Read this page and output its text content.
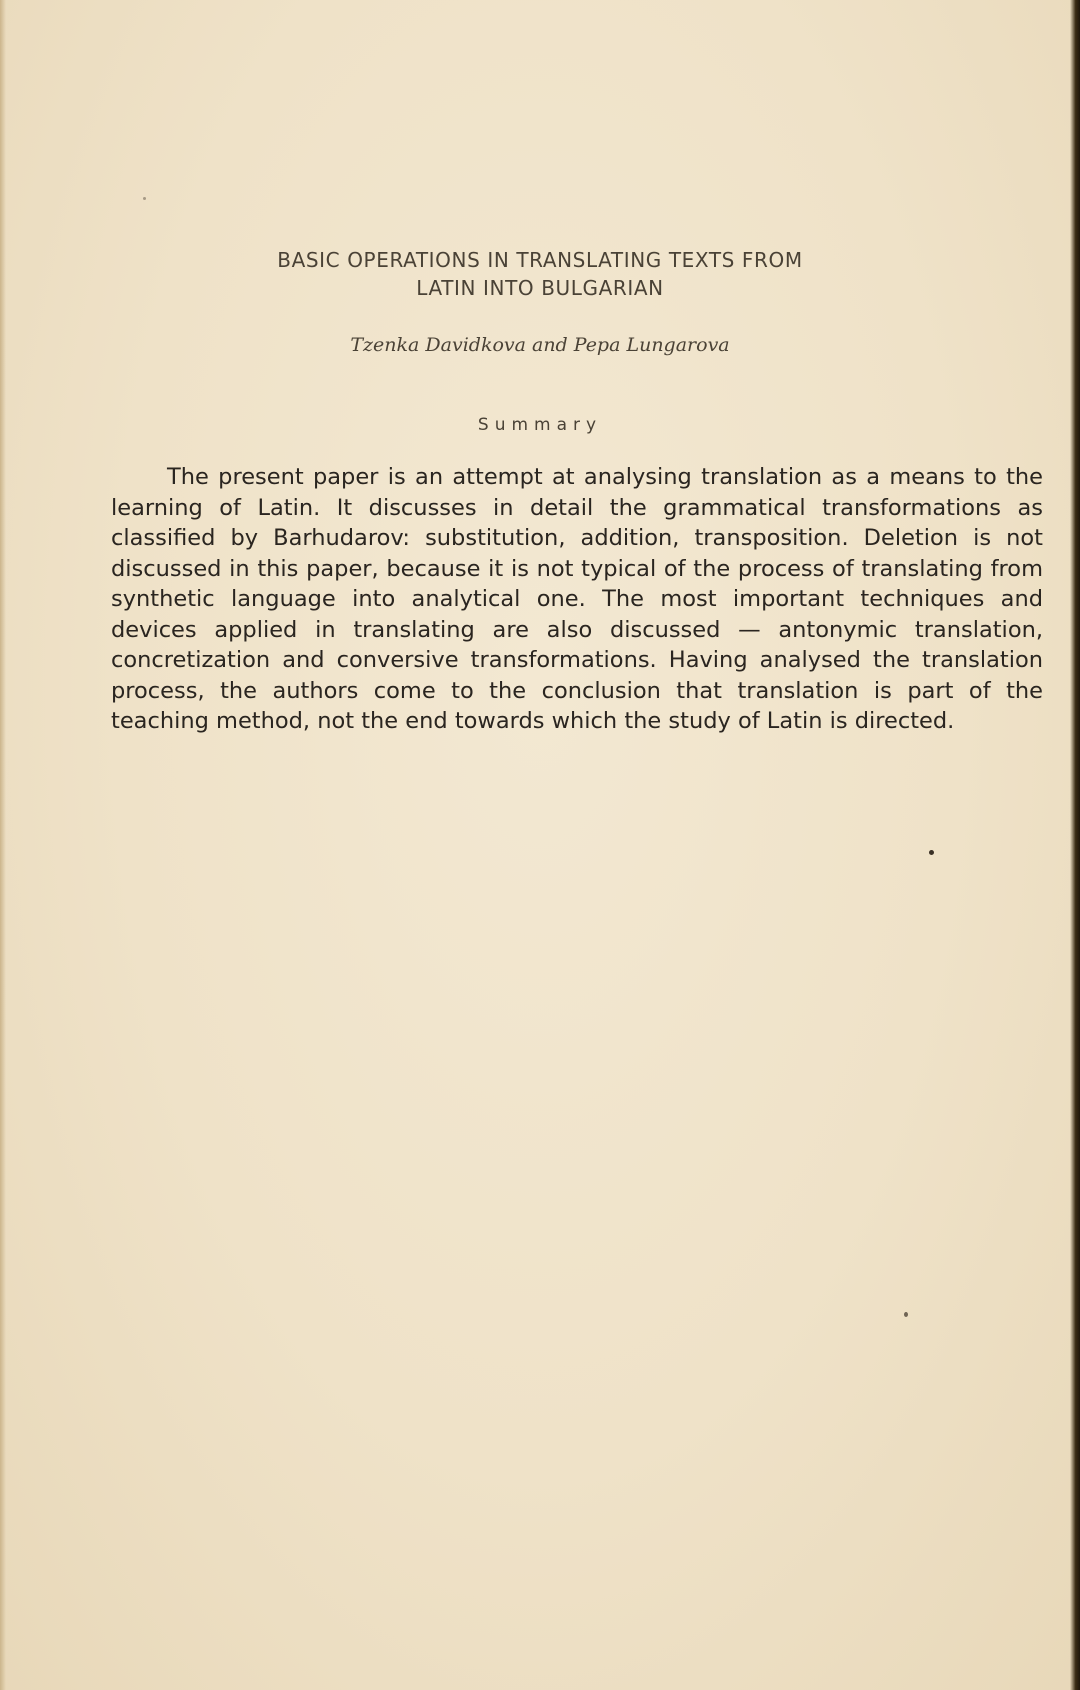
BASIC OPERATIONS IN TRANSLATING TEXTS FROM
LATIN INTO BULGARIAN
Tzenka Davidkova and Pepa Lungarova
Summary

The present paper is an attempt at analysing translation as a means to the learning of Latin. It discusses in detail the grammatical transformations as classified by Barhudarov: substitution, addition, transposition. Deletion is not discussed in this paper, because it is not typical of the process of translating from synthetic language into analytical one. The most important techniques and devices applied in translating are also discussed — antonymic translation, concretization and conversive transformations. Having analysed the translation process, the authors come to the conclusion that translation is part of the teaching method, not the end towards which the study of Latin is directed.
